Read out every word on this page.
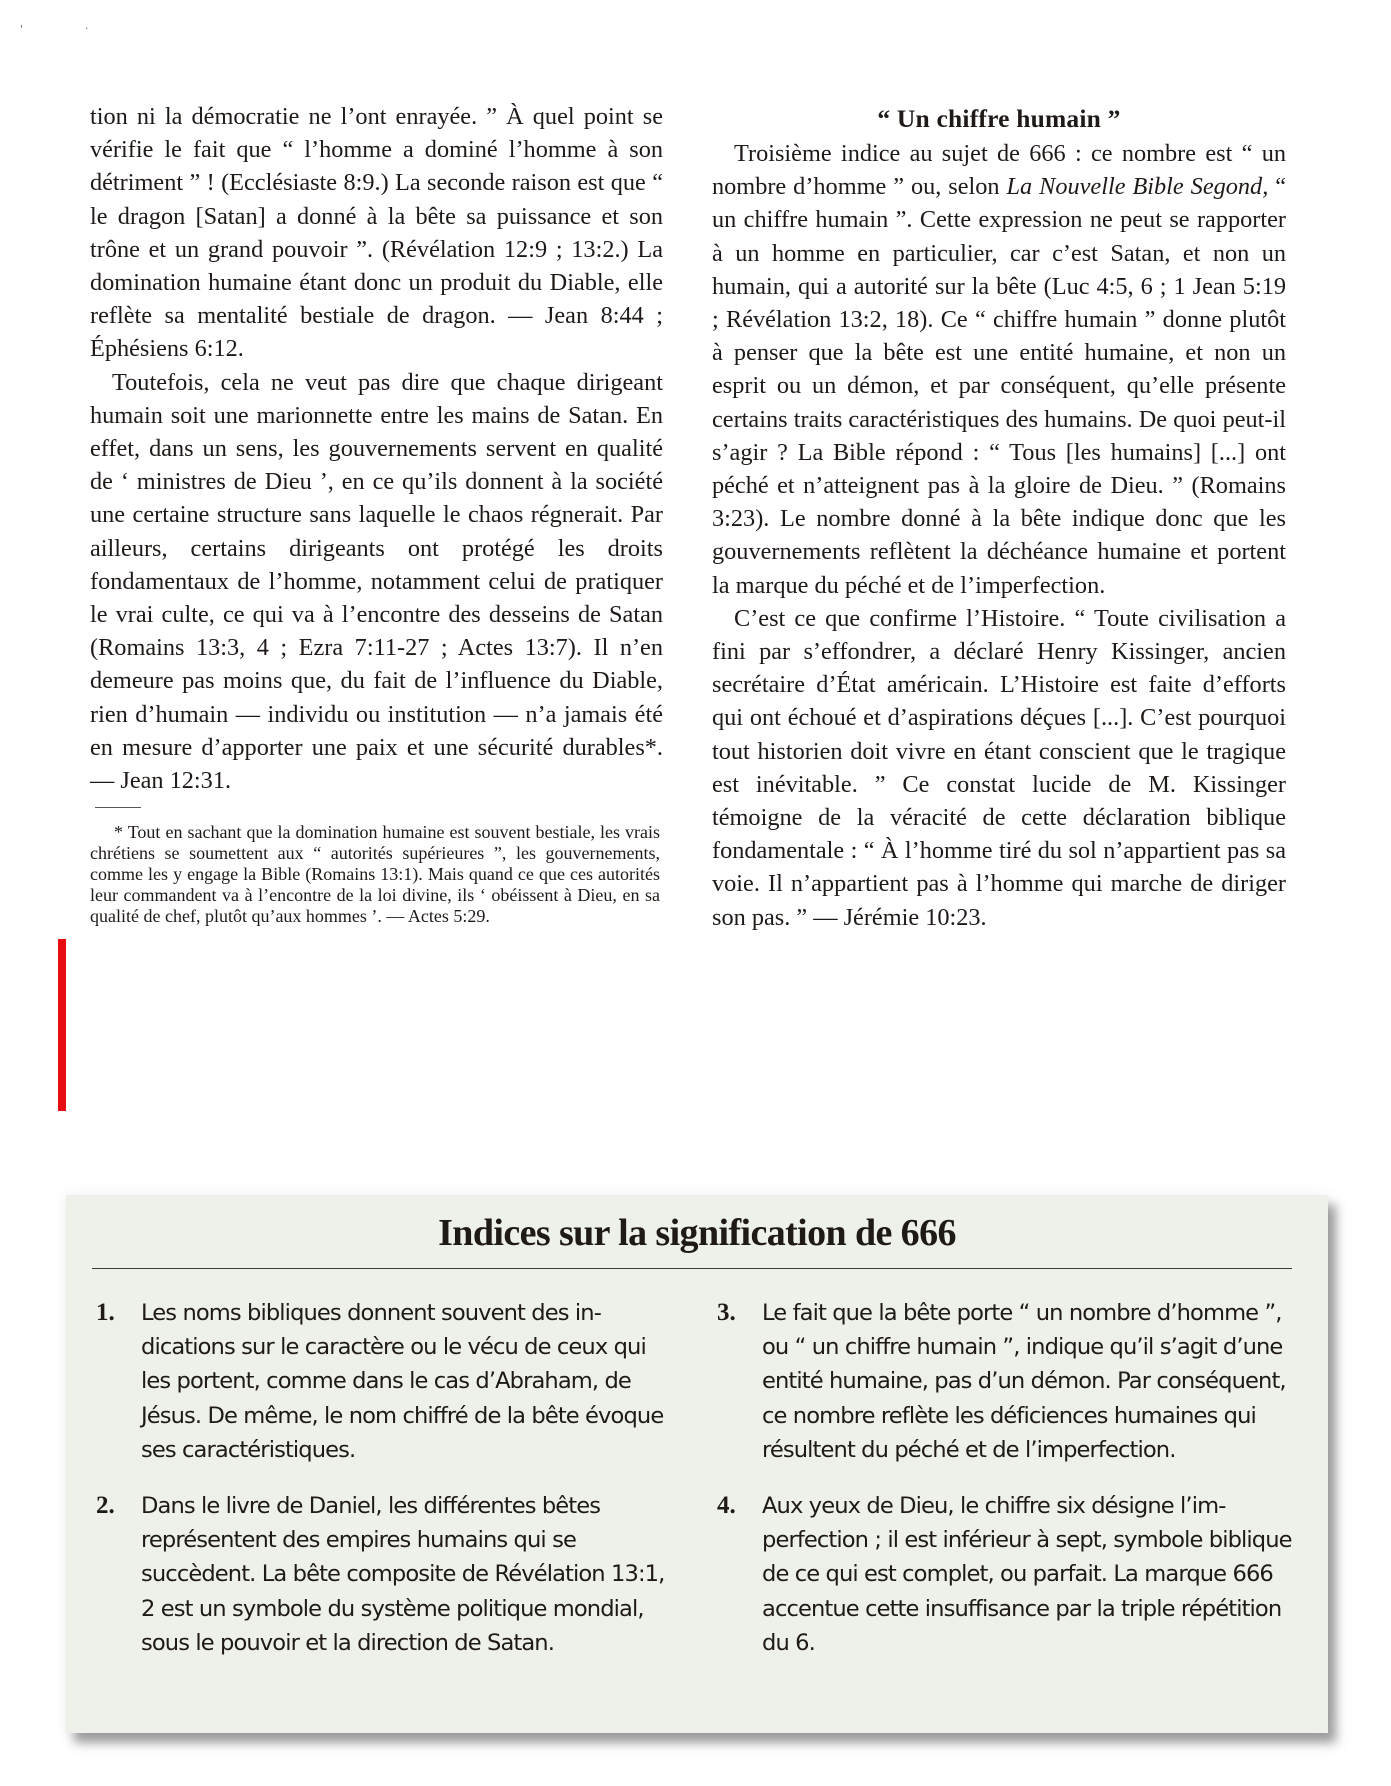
'	·

tion ni la démocratie ne l’ont enrayée. ” À quel point se vérifie le fait que “ l’homme a dominé l’homme à son détriment ” ! (Ecclésiaste 8:9.) La seconde raison est que “ le dragon [Satan] a donné à la bête sa puissance et son trône et un grand pouvoir ”. (Révélation 12:9 ; 13:2.) La domination humaine étant donc un produit du Diable, elle reflète sa mentalité bestiale de dragon. — Jean 8:44 ; Éphésiens 6:12.

Toutefois, cela ne veut pas dire que chaque dirigeant humain soit une marionnette entre les mains de Satan. En effet, dans un sens, les gouvernements servent en qualité de ‘ ministres de Dieu ’, en ce qu’ils donnent à la société une certaine structure sans laquelle le chaos régnerait. Par ailleurs, certains dirigeants ont protégé les droits fondamentaux de l’homme, notamment celui de pratiquer le vrai culte, ce qui va à l’encontre des desseins de Satan (Romains 13:3, 4 ; Ezra 7:11-27 ; Actes 13:7). Il n’en demeure pas moins que, du fait de l’influence du Diable, rien d’humain — individu ou institution — n’a jamais été en mesure d’apporter une paix et une sécurité durables*. — Jean 12:31.

* Tout en sachant que la domination humaine est souvent bestiale, les vrais chrétiens se soumettent aux “ autorités supérieures ”, les gouvernements, comme les y engage la Bible (Romains 13:1). Mais quand ce que ces autorités leur commandent va à l’encontre de la loi divine, ils ‘ obéissent à Dieu, en sa qualité de chef, plutôt qu’aux hommes ’. — Actes 5:29.

“ Un chiffre humain ”

Troisième indice au sujet de 666 : ce nombre est “ un nombre d’homme ” ou, selon La Nouvelle Bible Segond, “ un chiffre humain ”. Cette expression ne peut se rapporter à un homme en particulier, car c’est Satan, et non un humain, qui a autorité sur la bête (Luc 4:5, 6 ; 1 Jean 5:19 ; Révélation 13:2, 18). Ce “ chiffre humain ” donne plutôt à penser que la bête est une entité humaine, et non un esprit ou un démon, et par conséquent, qu’elle présente certains traits caractéristiques des humains. De quoi peut-il s’agir ? La Bible répond : “ Tous [les humains] [...] ont péché et n’atteignent pas à la gloire de Dieu. ” (Romains 3:23). Le nombre donné à la bête indique donc que les gouvernements reflètent la déchéance humaine et portent la marque du péché et de l’imperfection.

C’est ce que confirme l’Histoire. “ Toute civilisation a fini par s’effondrer, a déclaré Henry Kissinger, ancien secrétaire d’État américain. L’Histoire est faite d’efforts qui ont échoué et d’aspirations déçues [...]. C’est pourquoi tout historien doit vivre en étant conscient que le tragique est inévitable. ” Ce constat lucide de M. Kissinger témoigne de la véracité de cette déclaration biblique fondamentale : “ À l’homme tiré du sol n’appartient pas sa voie. Il n’appartient pas à l’homme qui marche de diriger son pas. ” — Jérémie 10:23.

Indices sur la signification de 666
1. Les noms bibliques donnent souvent des indications sur le caractère ou le vécu de ceux qui les portent, comme dans le cas d’Abraham, de Jésus. De même, le nom chiffré de la bête évoque ses caractéristiques.
2. Dans le livre de Daniel, les différentes bêtes représentent des empires humains qui se succèdent. La bête composite de Révélation 13:1, 2 est un symbole du système politique mondial, sous le pouvoir et la direction de Satan.
3. Le fait que la bête porte “ un nombre d’homme ”, ou “ un chiffre humain ”, indique qu’il s’agit d’une entité humaine, pas d’un démon. Par conséquent, ce nombre reflète les déficiences humaines qui résultent du péché et de l’imperfection.
4. Aux yeux de Dieu, le chiffre six désigne l’imperfection ; il est inférieur à sept, symbole biblique de ce qui est complet, ou parfait. La marque 666 accentue cette insuffisance par la triple répétition du 6.
